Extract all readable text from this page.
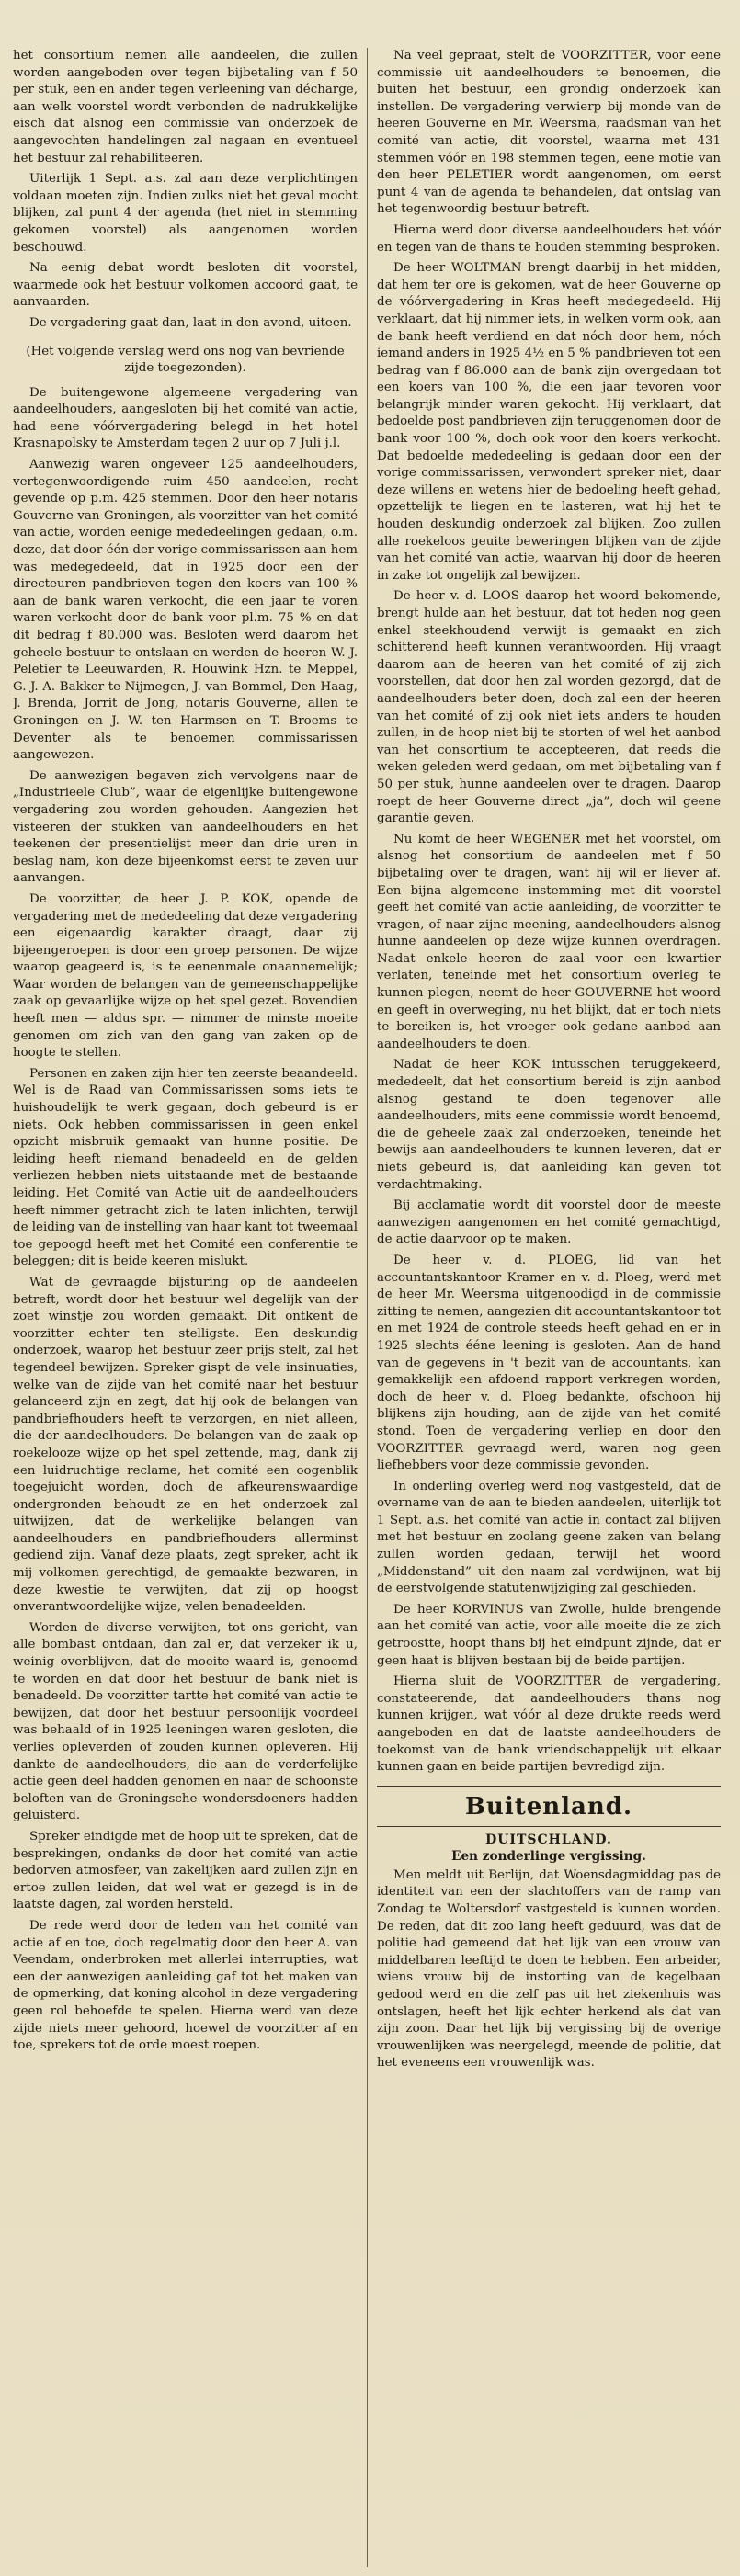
het consortium nemen alle aandeelen, die zullen worden aangeboden over tegen bijbetaling van f 50 per stuk, een en ander tegen verleening van décharge, aan welk voorstel wordt verbonden de nadrukkelijke eisch dat alsnog een commissie van onderzoek de aangevochten handelingen zal nagaan en eventueel het bestuur zal rehabiliteeren.

Uiterlijk 1 Sept. a.s. zal aan deze verplichtingen voldaan moeten zijn. Indien zulks niet het geval mocht blijken, zal punt 4 der agenda (het niet in stemming gekomen voorstel) als aangenomen worden beschouwd.

Na eenig debat wordt besloten dit voorstel, waarmede ook het bestuur volkomen accoord gaat, te aanvaarden.

De vergadering gaat dan, laat in den avond, uiteen.

(Het volgende verslag werd ons nog van bevriende zijde toegezonden).

De buitengewone algemeene vergadering van aandeelhouders, aangesloten bij het comité van actie, had eene vóórvergadering belegd in het hotel Krasnapolsky te Amsterdam tegen 2 uur op 7 Juli j.l.

Aanwezig waren ongeveer 125 aandeelhouders, vertegenwoordigende ruim 450 aandeelen, recht gevende op p.m. 425 stemmen. Door den heer notaris Gouverne van Groningen, als voorzitter van het comité van actie, worden eenige mededeelingen gedaan, o.m. deze, dat door één der vorige commissarissen aan hem was medegedeeld, dat in 1925 door een der directeuren pandbrieven tegen den koers van 100 % aan de bank waren verkocht, die een jaar te voren waren verkocht door de bank voor pl.m. 75 % en dat dit bedrag f 80.000 was. Besloten werd daarom het geheele bestuur te ontslaan en werden de heeren W. J. Peletier te Leeuwarden, R. Houwink Hzn. te Meppel, G. J. A. Bakker te Nijmegen, J. van Bommel, Den Haag, J. Brenda, Jorrit de Jong, notaris Gouverne, allen te Groningen en J. W. ten Harmsen en T. Broems te Deventer als te benoemen commissarissen aangewezen.

De aanwezigen begaven zich vervolgens naar de „Industrieele Club”, waar de eigenlijke buitengewone vergadering zou worden gehouden. Aangezien het visteeren der stukken van aandeelhouders en het teekenen der presentielijst meer dan drie uren in beslag nam, kon deze bijeenkomst eerst te zeven uur aanvangen.

De voorzitter, de heer J. P. KOK, opende de vergadering met de mededeeling dat deze vergadering een eigenaardig karakter draagt, daar zij bijeengeroepen is door een groep personen. De wijze waarop geageerd is, is te eenenmale onaannemelijk; Waar worden de belangen van de gemeenschappelijke zaak op gevaarlijke wijze op het spel gezet. Bovendien heeft men — aldus spr. — nimmer de minste moeite genomen om zich van den gang van zaken op de hoogte te stellen.

Personen en zaken zijn hier ten zeerste beaandeeld. Wel is de Raad van Commissarissen soms iets te huishoudelijk te werk gegaan, doch gebeurd is er niets. Ook hebben commissarissen in geen enkel opzicht misbruik gemaakt van hunne positie. De leiding heeft niemand benadeeld en de gelden verliezen hebben niets uitstaande met de bestaande leiding. Het Comité van Actie uit de aandeelhouders heeft nimmer getracht zich te laten inlichten, terwijl de leiding van de instelling van haar kant tot tweemaal toe gepoogd heeft met het Comité een conferentie te beleggen; dit is beide keeren mislukt.

Wat de gevraagde bijsturing op de aandeelen betreft, wordt door het bestuur wel degelijk van der zoet winstje zou worden gemaakt. Dit ontkent de voorzitter echter ten stelligste. Een deskundig onderzoek, waarop het bestuur zeer prijs stelt, zal het tegendeel bewijzen. Spreker gispt de vele insinuaties, welke van de zijde van het comité naar het bestuur gelanceerd zijn en zegt, dat hij ook de belangen van pandbriefhouders heeft te verzorgen, en niet alleen, die der aandeelhouders. De belangen van de zaak op roekelooze wijze op het spel zettende, mag, dank zij een luidruchtige reclame, het comité een oogenblik toegejuicht worden, doch de afkeurenswaardige ondergronden behoudt ze en het onderzoek zal uitwijzen, dat de werkelijke belangen van aandeelhouders en pandbriefhouders allerminst gediend zijn. Vanaf deze plaats, zegt spreker, acht ik mij volkomen gerechtigd, de gemaakte bezwaren, in deze kwestie te verwijten, dat zij op hoogst onverantwoordelijke wijze, velen benadeelden.

Worden de diverse verwijten, tot ons gericht, van alle bombast ontdaan, dan zal er, dat verzeker ik u, weinig overblijven, dat de moeite waard is, genoemd te worden en dat door het bestuur de bank niet is benadeeld. De voorzitter tartte het comité van actie te bewijzen, dat door het bestuur persoonlijk voordeel was behaald of in 1925 leeningen waren gesloten, die verlies opleverden of zouden kunnen opleveren. Hij dankte de aandeelhouders, die aan de verderfelijke actie geen deel hadden genomen en naar de schoonste beloften van de Groningsche wondersdoeners hadden geluisterd.

Spreker eindigde met de hoop uit te spreken, dat de besprekingen, ondanks de door het comité van actie bedorven atmosfeer, van zakelijken aard zullen zijn en ertoe zullen leiden, dat wel wat er gezegd is in de laatste dagen, zal worden hersteld.

De rede werd door de leden van het comité van actie af en toe, doch regelmatig door den heer A. van Veendam, onderbroken met allerlei interrupties, wat een der aanwezigen aanleiding gaf tot het maken van de opmerking, dat koning alcohol in deze vergadering geen rol behoefde te spelen. Hierna werd van deze zijde niets meer gehoord, hoewel de voorzitter af en toe, sprekers tot de orde moest roepen.

Na veel gepraat, stelt de VOORZITTER, voor eene commissie uit aandeelhouders te benoemen, die buiten het bestuur, een grondig onderzoek kan instellen. De vergadering verwierp bij monde van de heeren Gouverne en Mr. Weersma, raadsman van het comité van actie, dit voorstel, waarna met 431 stemmen vóór en 198 stemmen tegen, eene motie van den heer PELETIER wordt aangenomen, om eerst punt 4 van de agenda te behandelen, dat ontslag van het tegenwoordig bestuur betreft.

Hierna werd door diverse aandeelhouders het vóór en tegen van de thans te houden stemming besproken.

De heer WOLTMAN brengt daarbij in het midden, dat hem ter ore is gekomen, wat de heer Gouverne op de vóórvergadering in Kras heeft medegedeeld. Hij verklaart, dat hij nimmer iets, in welken vorm ook, aan de bank heeft verdiend en dat nóch door hem, nóch iemand anders in 1925 4½ en 5 % pandbrieven tot een bedrag van f 86.000 aan de bank zijn overgedaan tot een koers van 100 %, die een jaar tevoren voor belangrijk minder waren gekocht. Hij verklaart, dat bedoelde post pandbrieven zijn teruggenomen door de bank voor 100 %, doch ook voor den koers verkocht. Dat bedoelde mededeeling is gedaan door een der vorige commissarissen, verwondert spreker niet, daar deze willens en wetens hier de bedoeling heeft gehad, opzettelijk te liegen en te lasteren, wat hij het te houden deskundig onderzoek zal blijken. Zoo zullen alle roekeloos geuite beweringen blijken van de zijde van het comité van actie, waarvan hij door de heeren in zake tot ongelijk zal bewijzen.

De heer v. d. LOOS daarop het woord bekomende, brengt hulde aan het bestuur, dat tot heden nog geen enkel steekhoudend verwijt is gemaakt en zich schitterend heeft kunnen verantwoorden. Hij vraagt daarom aan de heeren van het comité of zij zich voorstellen, dat door hen zal worden gezorgd, dat de aandeelhouders beter doen, doch zal een der heeren van het comité of zij ook niet iets anders te houden zullen, in de hoop niet bij te storten of wel het aanbod van het consortium te accepteeren, dat reeds die weken geleden werd gedaan, om met bijbetaling van f 50 per stuk, hunne aandeelen over te dragen. Daarop roept de heer Gouverne direct „ja”, doch wil geene garantie geven.

Nu komt de heer WEGENER met het voorstel, om alsnog het consortium de aandeelen met f 50 bijbetaling over te dragen, want hij wil er liever af. Een bijna algemeene instemming met dit voorstel geeft het comité van actie aanleiding, de voorzitter te vragen, of naar zijne meening, aandeelhouders alsnog hunne aandeelen op deze wijze kunnen overdragen. Nadat enkele heeren de zaal voor een kwartier verlaten, teneinde met het consortium overleg te kunnen plegen, neemt de heer GOUVERNE het woord en geeft in overweging, nu het blijkt, dat er toch niets te bereiken is, het vroeger ook gedane aanbod aan aandeelhouders te doen.

Nadat de heer KOK intusschen teruggekeerd, mededeelt, dat het consortium bereid is zijn aanbod alsnog gestand te doen tegenover alle aandeelhouders, mits eene commissie wordt benoemd, die de geheele zaak zal onderzoeken, teneinde het bewijs aan aandeelhouders te kunnen leveren, dat er niets gebeurd is, dat aanleiding kan geven tot verdachtmaking.

Bij acclamatie wordt dit voorstel door de meeste aanwezigen aangenomen en het comité gemachtigd, de actie daarvoor op te maken.

De heer v. d. PLOEG, lid van het accountantskantoor Kramer en v. d. Ploeg, werd met de heer Mr. Weersma uitgenoodigd in de commissie zitting te nemen, aangezien dit accountantskantoor tot en met 1924 de controle steeds heeft gehad en er in 1925 slechts ééne leening is gesloten. Aan de hand van de gegevens in 't bezit van de accountants, kan gemakkelijk een afdoend rapport verkregen worden, doch de heer v. d. Ploeg bedankte, ofschoon hij blijkens zijn houding, aan de zijde van het comité stond. Toen de vergadering verliep en door den VOORZITTER gevraagd werd, waren nog geen liefhebbers voor deze commissie gevonden.

In onderling overleg werd nog vastgesteld, dat de overname van de aan te bieden aandeelen, uiterlijk tot 1 Sept. a.s. het comité van actie in contact zal blijven met het bestuur en zoolang geene zaken van belang zullen worden gedaan, terwijl het woord „Middenstand” uit den naam zal verdwijnen, wat bij de eerstvolgende statutenwijziging zal geschieden.

De heer KORVINUS van Zwolle, hulde brengende aan het comité van actie, voor alle moeite die ze zich getroostte, hoopt thans bij het eindpunt zijnde, dat er geen haat is blijven bestaan bij de beide partijen.

Hierna sluit de VOORZITTER de vergadering, constateerende, dat aandeelhouders thans nog kunnen krijgen, wat vóór al deze drukte reeds werd aangeboden en dat de laatste aandeelhouders de toekomst van de bank vriendschappelijk uit elkaar kunnen gaan en beide partijen bevredigd zijn.

Buitenland.
DUITSCHLAND.
Een zonderlinge vergissing.

Men meldt uit Berlijn, dat Woensdagmiddag pas de identiteit van een der slachtoffers van de ramp van Zondag te Woltersdorf vastgesteld is kunnen worden. De reden, dat dit zoo lang heeft geduurd, was dat de politie had gemeend dat het lijk van een vrouw van middelbaren leeftijd te doen te hebben. Een arbeider, wiens vrouw bij de instorting van de kegelbaan gedood werd en die zelf pas uit het ziekenhuis was ontslagen, heeft het lijk echter herkend als dat van zijn zoon. Daar het lijk bij vergissing bij de overige vrouwenlijken was neergelegd, meende de politie, dat het eveneens een vrouwenlijk was.
